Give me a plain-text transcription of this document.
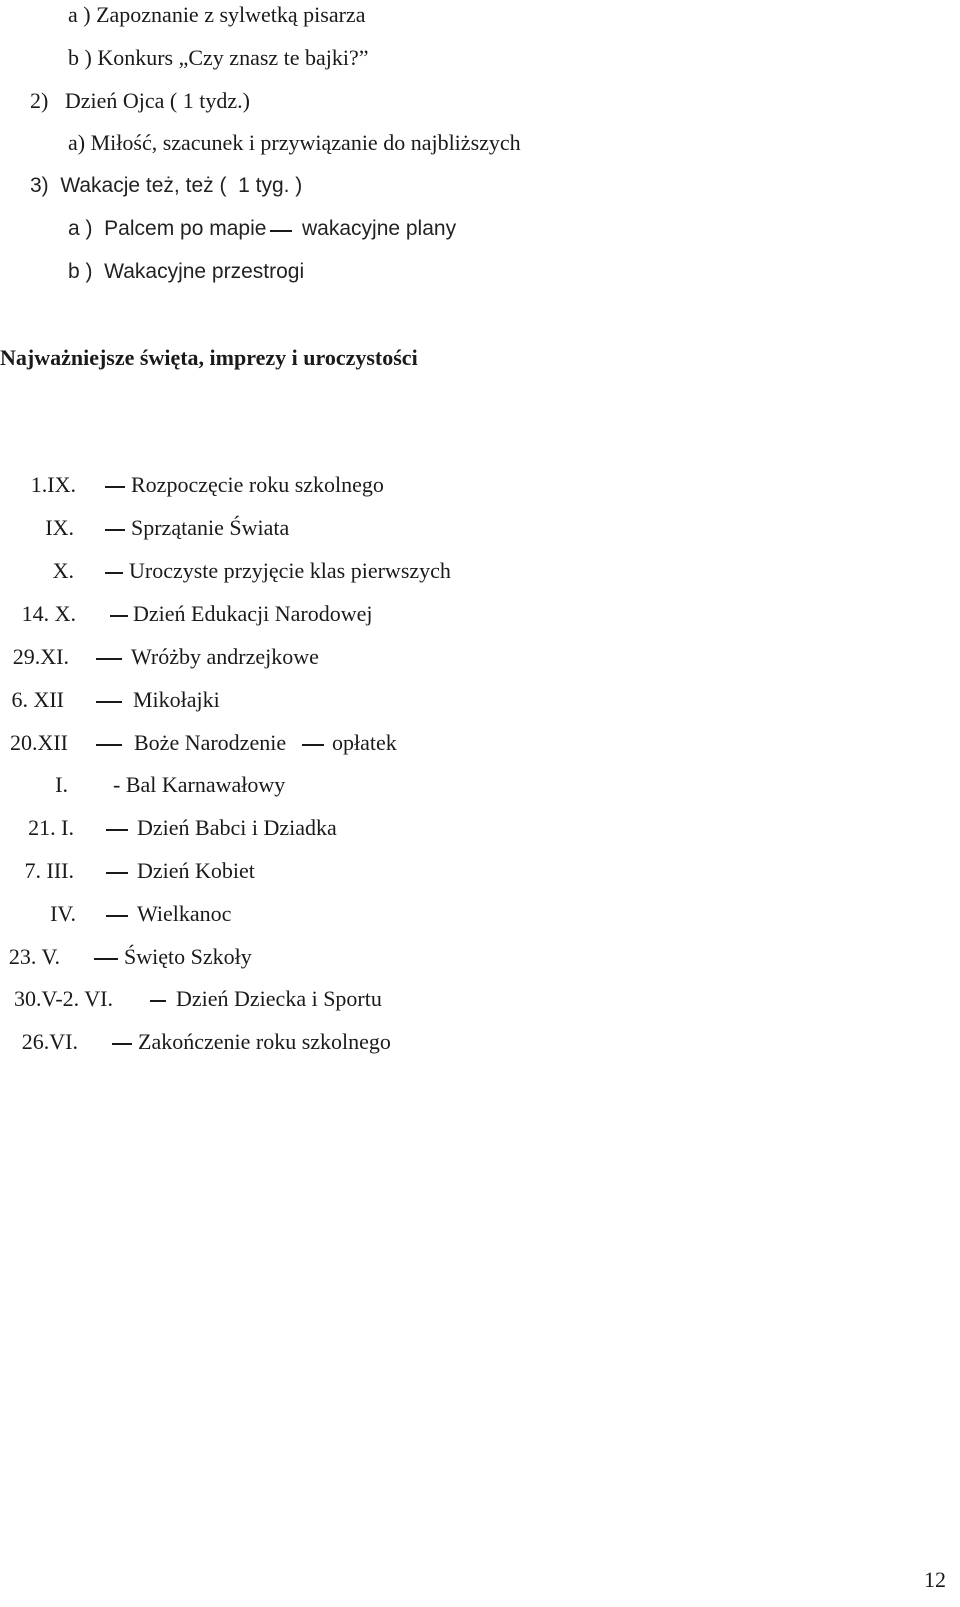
a ) Zapoznanie z sylwetką pisarza
b ) Konkurs „Czy znasz te bajki?”
2)   Dzień Ojca ( 1 tydz.)
a) Miłość, szacunek i przywiązanie do najbliższych
3)  Wakacje też, też (  1 tyg. )
a )  Palcem po mapie wakacyjne plany
b )  Wakacyjne przestrogi
Najważniejsze święta, imprezy i uroczystości
1.IX.	Rozpoczęcie roku szkolnego
IX.	Sprzątanie Świata
X.	Uroczyste przyjęcie klas pierwszych
14. X.	Dzień Edukacji Narodowej
29.XI.	Wróżby andrzejkowe
6. XII	Mikołajki
20.XII	Boże Narodzenie opłatek
I. - Bal Karnawałowy
21. I.	Dzień Babci i Dziadka
7. III.	Dzień Kobiet
IV.	Wielkanoc
23. V.	Święto Szkoły
30.V-2. VI.	Dzień Dziecka i Sportu
26.VI.	Zakończenie roku szkolnego
12
